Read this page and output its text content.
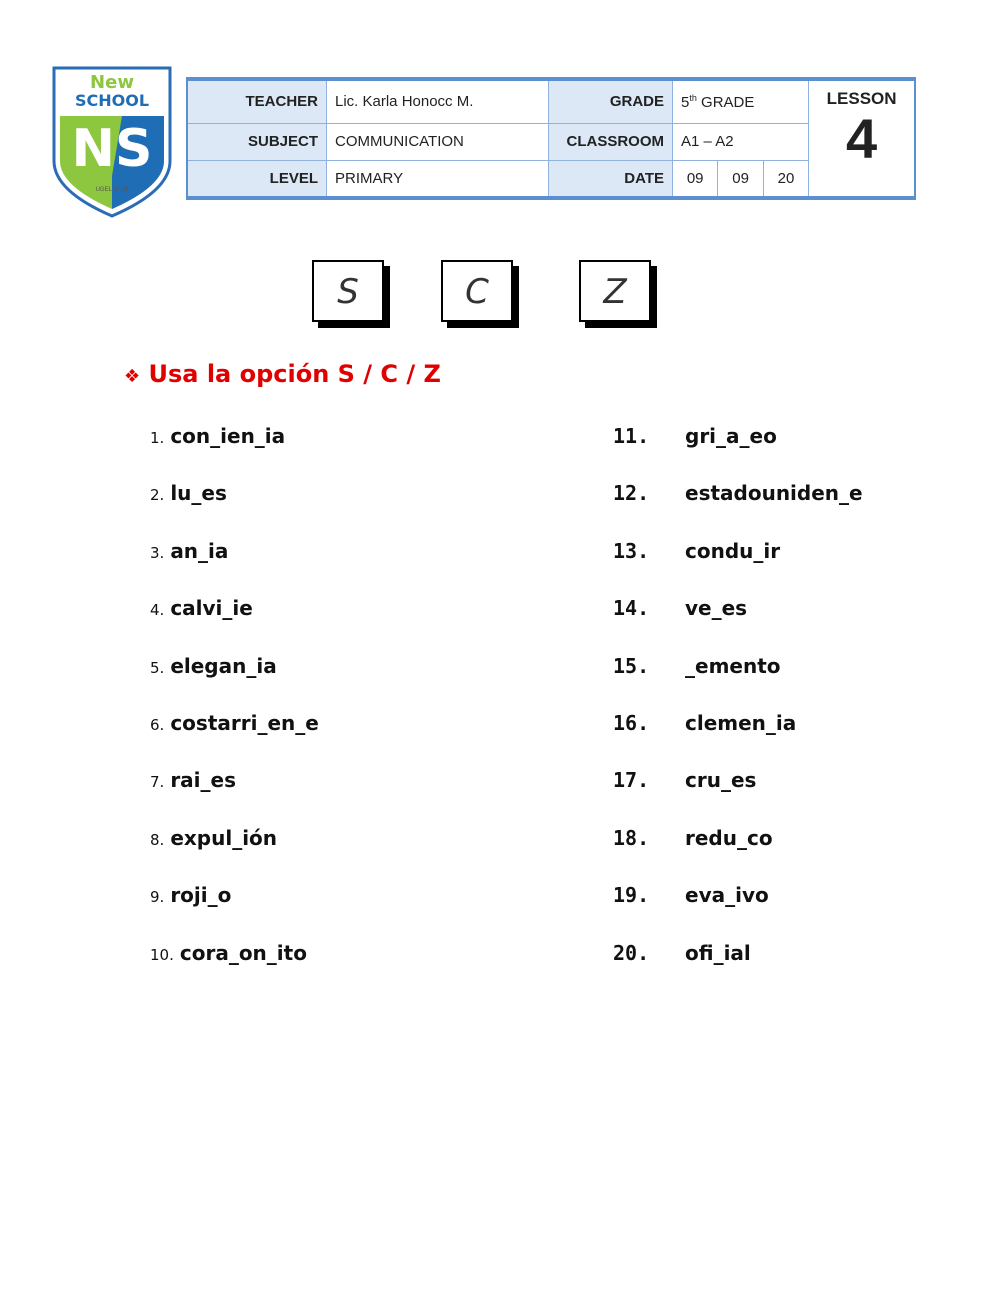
New
SCHOOL
NS
UGEL N° 06
TEACHER	Lic. Karla Honocc M.	GRADE	5th GRADE			LESSON
4

SUBJECT	COMMUNICATION	CLASSROOM	A1 – A2			
LEVEL	PRIMARY	DATE	09	09	20	
S	C	Z
❖ Usa la opción S / C / Z
1. con_ien_ia
2. lu_es
3. an_ia
4. calvi_ie
5. elegan_ia
6. costarri_en_e
7. rai_es
8. expul_ión
9. roji_o
10. cora_on_ito
11. gri_a_eo
12. estadouniden_e
13. condu_ir
14. ve_es
15. _emento
16. clemen_ia
17. cru_es
18. redu_co
19. eva_ivo
20. ofi_ial
